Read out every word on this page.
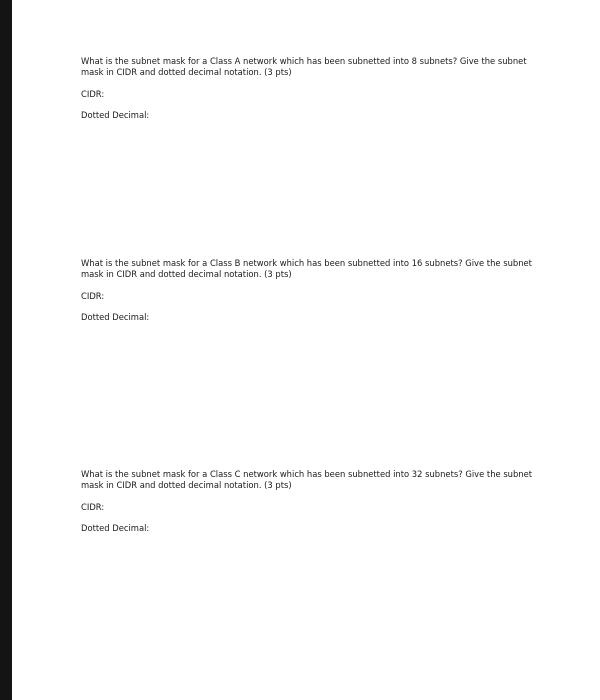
What is the subnet mask for a Class A network which has been subnetted into 8 subnets? Give the subnet mask in CIDR and dotted decimal notation. (3 pts)

CIDR:

Dotted Decimal:

What is the subnet mask for a Class B network which has been subnetted into 16 subnets? Give the subnet mask in CIDR and dotted decimal notation. (3 pts)

CIDR:

Dotted Decimal:

What is the subnet mask for a Class C network which has been subnetted into 32 subnets? Give the subnet mask in CIDR and dotted decimal notation. (3 pts)

CIDR:

Dotted Decimal:
